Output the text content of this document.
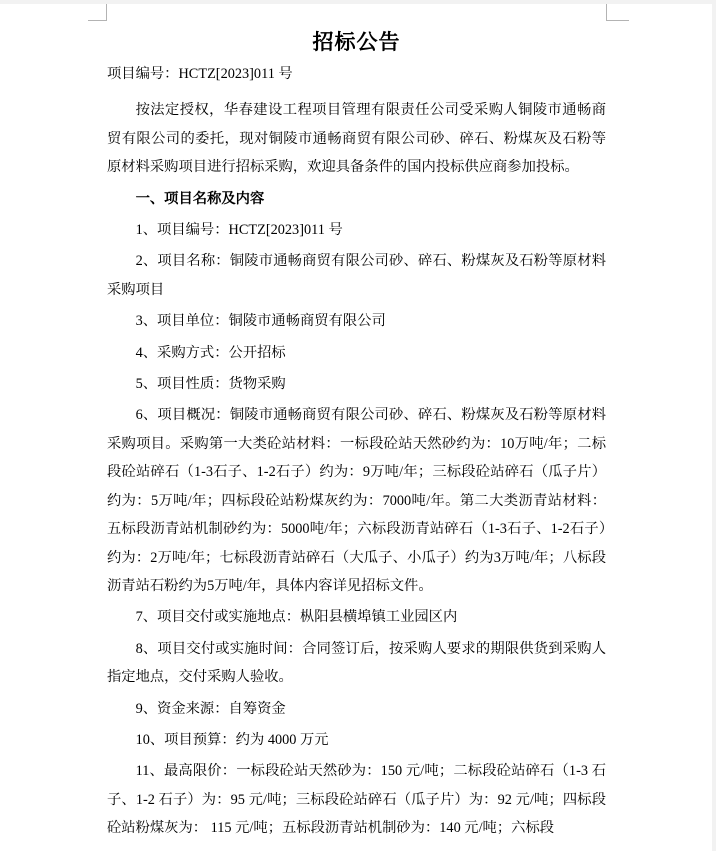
招标公告

项目编号：HCTZ[2023]011 号

按法定授权，华春建设工程项目管理有限责任公司受采购人铜陵市通畅商贸有限公司的委托，现对铜陵市通畅商贸有限公司砂、碎石、粉煤灰及石粉等原材料采购项目进行招标采购，欢迎具备条件的国内投标供应商参加投标。

一、项目名称及内容

1、项目编号：HCTZ[2023]011 号

2、项目名称：铜陵市通畅商贸有限公司砂、碎石、粉煤灰及石粉等原材料采购项目

3、项目单位：铜陵市通畅商贸有限公司

4、采购方式：公开招标

5、项目性质：货物采购

6、项目概况：铜陵市通畅商贸有限公司砂、碎石、粉煤灰及石粉等原材料采购项目。采购第一大类砼站材料：一标段砼站天然砂约为：10万吨/年；二标段砼站碎石（1-3石子、1-2石子）约为：9万吨/年；三标段砼站碎石（瓜子片）约为：5万吨/年；四标段砼站粉煤灰约为：7000吨/年。第二大类沥青站材料：五标段沥青站机制砂约为：5000吨/年；六标段沥青站碎石（1-3石子、1-2石子）约为：2万吨/年；七标段沥青站碎石（大瓜子、小瓜子）约为3万吨/年；八标段沥青站石粉约为5万吨/年，具体内容详见招标文件。

7、项目交付或实施地点：枞阳县横埠镇工业园区内

8、项目交付或实施时间：合同签订后，按采购人要求的期限供货到采购人指定地点，交付采购人验收。

9、资金来源：自筹资金

10、项目预算：约为 4000 万元

11、最高限价：一标段砼站天然砂为：150 元/吨；二标段砼站碎石（1-3 石子、1-2 石子）为：95 元/吨；三标段砼站碎石（瓜子片）为：92 元/吨；四标段砼站粉煤灰为： 115 元/吨；五标段沥青站机制砂为：140 元/吨；六标段
